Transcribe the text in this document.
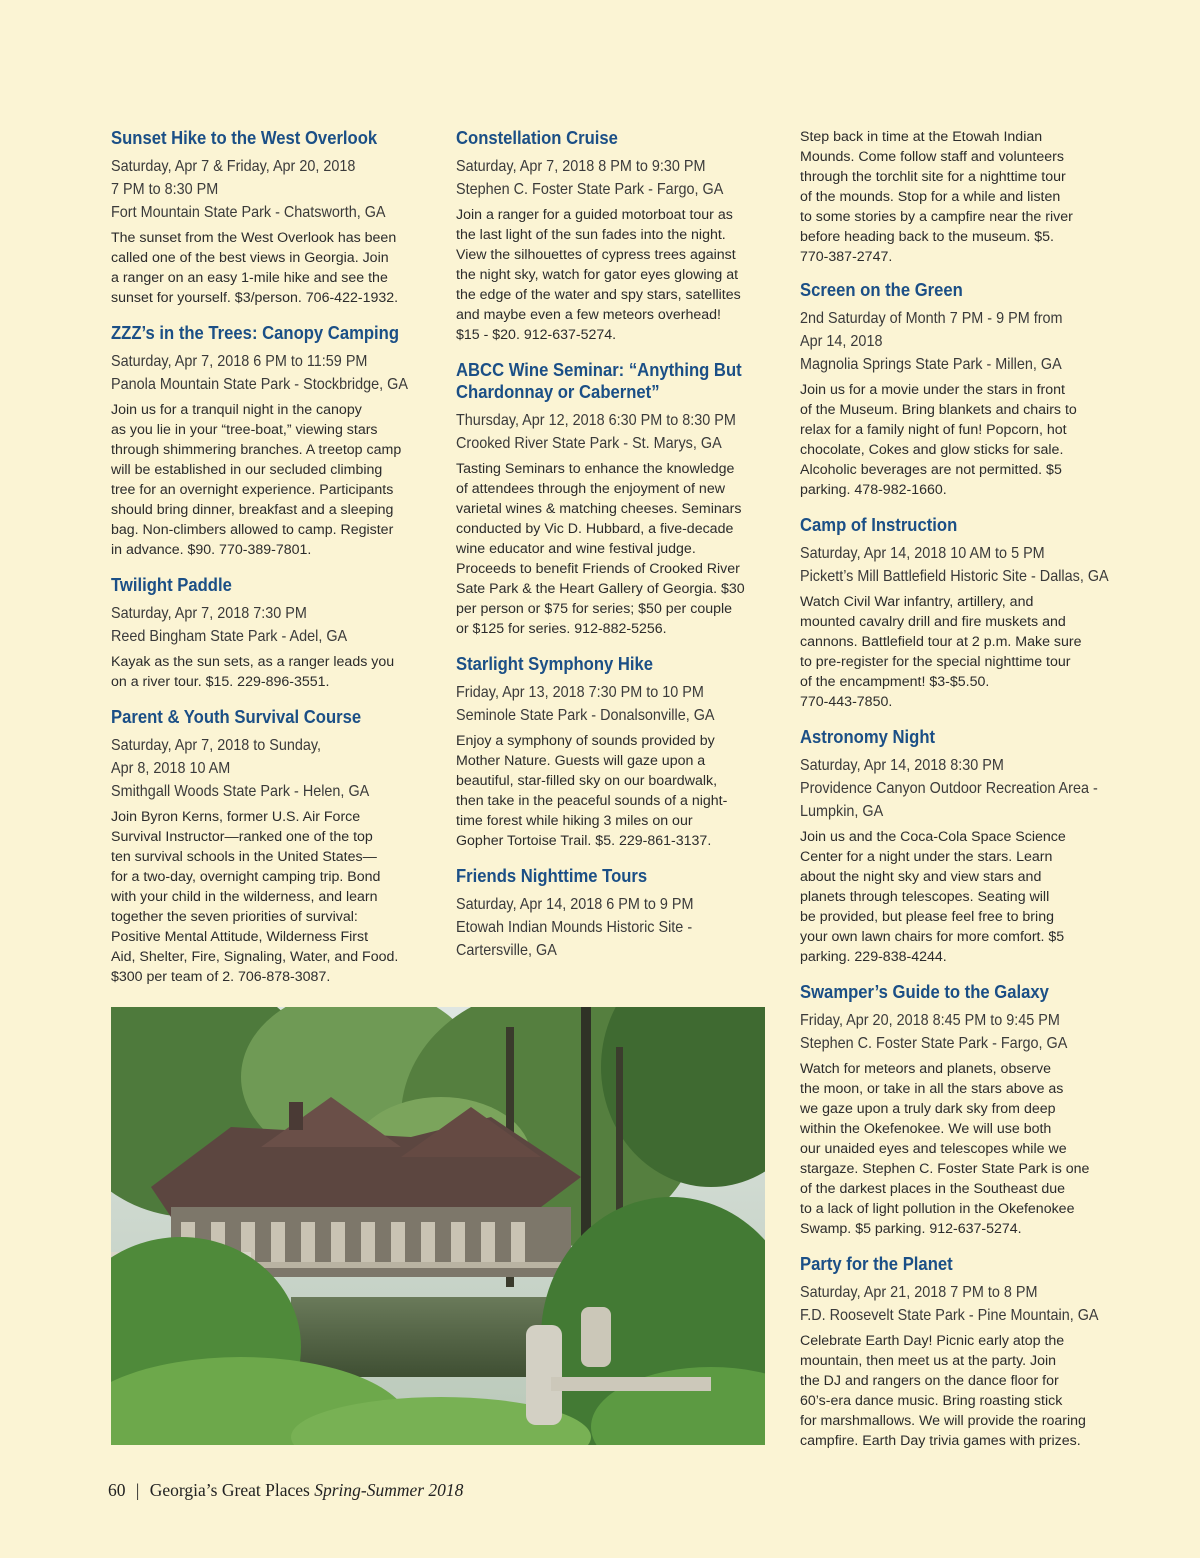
Sunset Hike to the West Overlook
Saturday, Apr 7 & Friday, Apr 20, 2018
7 PM to 8:30 PM
Fort Mountain State Park - Chatsworth, GA
The sunset from the West Overlook has been
called one of the best views in Georgia. Join
a ranger on an easy 1-mile hike and see the
sunset for yourself. $3/person. 706-422-1932.
ZZZ’s in the Trees: Canopy Camping
Saturday, Apr 7, 2018 6 PM to 11:59 PM
Panola Mountain State Park - Stockbridge, GA
Join us for a tranquil night in the canopy
as you lie in your “tree-boat,” viewing stars
through shimmering branches. A treetop camp
will be established in our secluded climbing
tree for an overnight experience. Participants
should bring dinner, breakfast and a sleeping
bag. Non-climbers allowed to camp. Register
in advance. $90. 770-389-7801.
Twilight Paddle
Saturday, Apr 7, 2018 7:30 PM
Reed Bingham State Park - Adel, GA
Kayak as the sun sets, as a ranger leads you
on a river tour. $15. 229-896-3551.
Parent & Youth Survival Course
Saturday, Apr 7, 2018 to Sunday,
Apr 8, 2018 10 AM
Smithgall Woods State Park - Helen, GA
Join Byron Kerns, former U.S. Air Force
Survival Instructor—ranked one of the top
ten survival schools in the United States—
for a two-day, overnight camping trip. Bond
with your child in the wilderness, and learn
together the seven priorities of survival:
Positive Mental Attitude, Wilderness First
Aid, Shelter, Fire, Signaling, Water, and Food.
$300 per team of 2. 706-878-3087.
Constellation Cruise
Saturday, Apr 7, 2018 8 PM to 9:30 PM
Stephen C. Foster State Park - Fargo, GA
Join a ranger for a guided motorboat tour as
the last light of the sun fades into the night.
View the silhouettes of cypress trees against
the night sky, watch for gator eyes glowing at
the edge of the water and spy stars, satellites
and maybe even a few meteors overhead!
$15 - $20. 912-637-5274.
ABCC Wine Seminar: “Anything But Chardonnay or Cabernet”
Thursday, Apr 12, 2018 6:30 PM to 8:30 PM
Crooked River State Park - St. Marys, GA
Tasting Seminars to enhance the knowledge
of attendees through the enjoyment of new
varietal wines & matching cheeses. Seminars
conducted by Vic D. Hubbard, a five-decade
wine educator and wine festival judge.
Proceeds to benefit Friends of Crooked River
Sate Park & the Heart Gallery of Georgia. $30
per person or $75 for series; $50 per couple
or $125 for series. 912-882-5256.
Starlight Symphony Hike
Friday, Apr 13, 2018 7:30 PM to 10 PM
Seminole State Park - Donalsonville, GA
Enjoy a symphony of sounds provided by
Mother Nature. Guests will gaze upon a
beautiful, star-filled sky on our boardwalk,
then take in the peaceful sounds of a night-
time forest while hiking 3 miles on our
Gopher Tortoise Trail. $5. 229-861-3137.
Friends Nighttime Tours
Saturday, Apr 14, 2018 6 PM to 9 PM
Etowah Indian Mounds Historic Site -
Cartersville, GA
Step back in time at the Etowah Indian
Mounds. Come follow staff and volunteers
through the torchlit site for a nighttime tour
of the mounds. Stop for a while and listen
to some stories by a campfire near the river
before heading back to the museum. $5.
770-387-2747.
Screen on the Green
2nd Saturday of Month 7 PM - 9 PM from
Apr 14, 2018
Magnolia Springs State Park - Millen, GA
Join us for a movie under the stars in front
of the Museum. Bring blankets and chairs to
relax for a family night of fun! Popcorn, hot
chocolate, Cokes and glow sticks for sale.
Alcoholic beverages are not permitted. $5
parking. 478-982-1660.
Camp of Instruction
Saturday, Apr 14, 2018 10 AM to 5 PM
Pickett’s Mill Battlefield Historic Site - Dallas, GA
Watch Civil War infantry, artillery, and
mounted cavalry drill and fire muskets and
cannons. Battlefield tour at 2 p.m. Make sure
to pre-register for the special nighttime tour
of the encampment! $3-$5.50.
770-443-7850.
Astronomy Night
Saturday, Apr 14, 2018 8:30 PM
Providence Canyon Outdoor Recreation Area -
Lumpkin, GA
Join us and the Coca-Cola Space Science
Center for a night under the stars. Learn
about the night sky and view stars and
planets through telescopes. Seating will
be provided, but please feel free to bring
your own lawn chairs for more comfort. $5
parking. 229-838-4244.
Swamper’s Guide to the Galaxy
Friday, Apr 20, 2018 8:45 PM to 9:45 PM
Stephen C. Foster State Park - Fargo, GA
Watch for meteors and planets, observe
the moon, or take in all the stars above as
we gaze upon a truly dark sky from deep
within the Okefenokee. We will use both
our unaided eyes and telescopes while we
stargaze. Stephen C. Foster State Park is one
of the darkest places in the Southeast due
to a lack of light pollution in the Okefenokee
Swamp. $5 parking. 912-637-5274.
Party for the Planet
Saturday, Apr 21, 2018 7 PM to 8 PM
F.D. Roosevelt State Park - Pine Mountain, GA
Celebrate Earth Day! Picnic early atop the
mountain, then meet us at the party. Join
the DJ and rangers on the dance floor for
60’s-era dance music. Bring roasting stick
for marshmallows. We will provide the roaring
campfire. Earth Day trivia games with prizes.
60 | Georgia’s Great Places Spring-Summer 2018
